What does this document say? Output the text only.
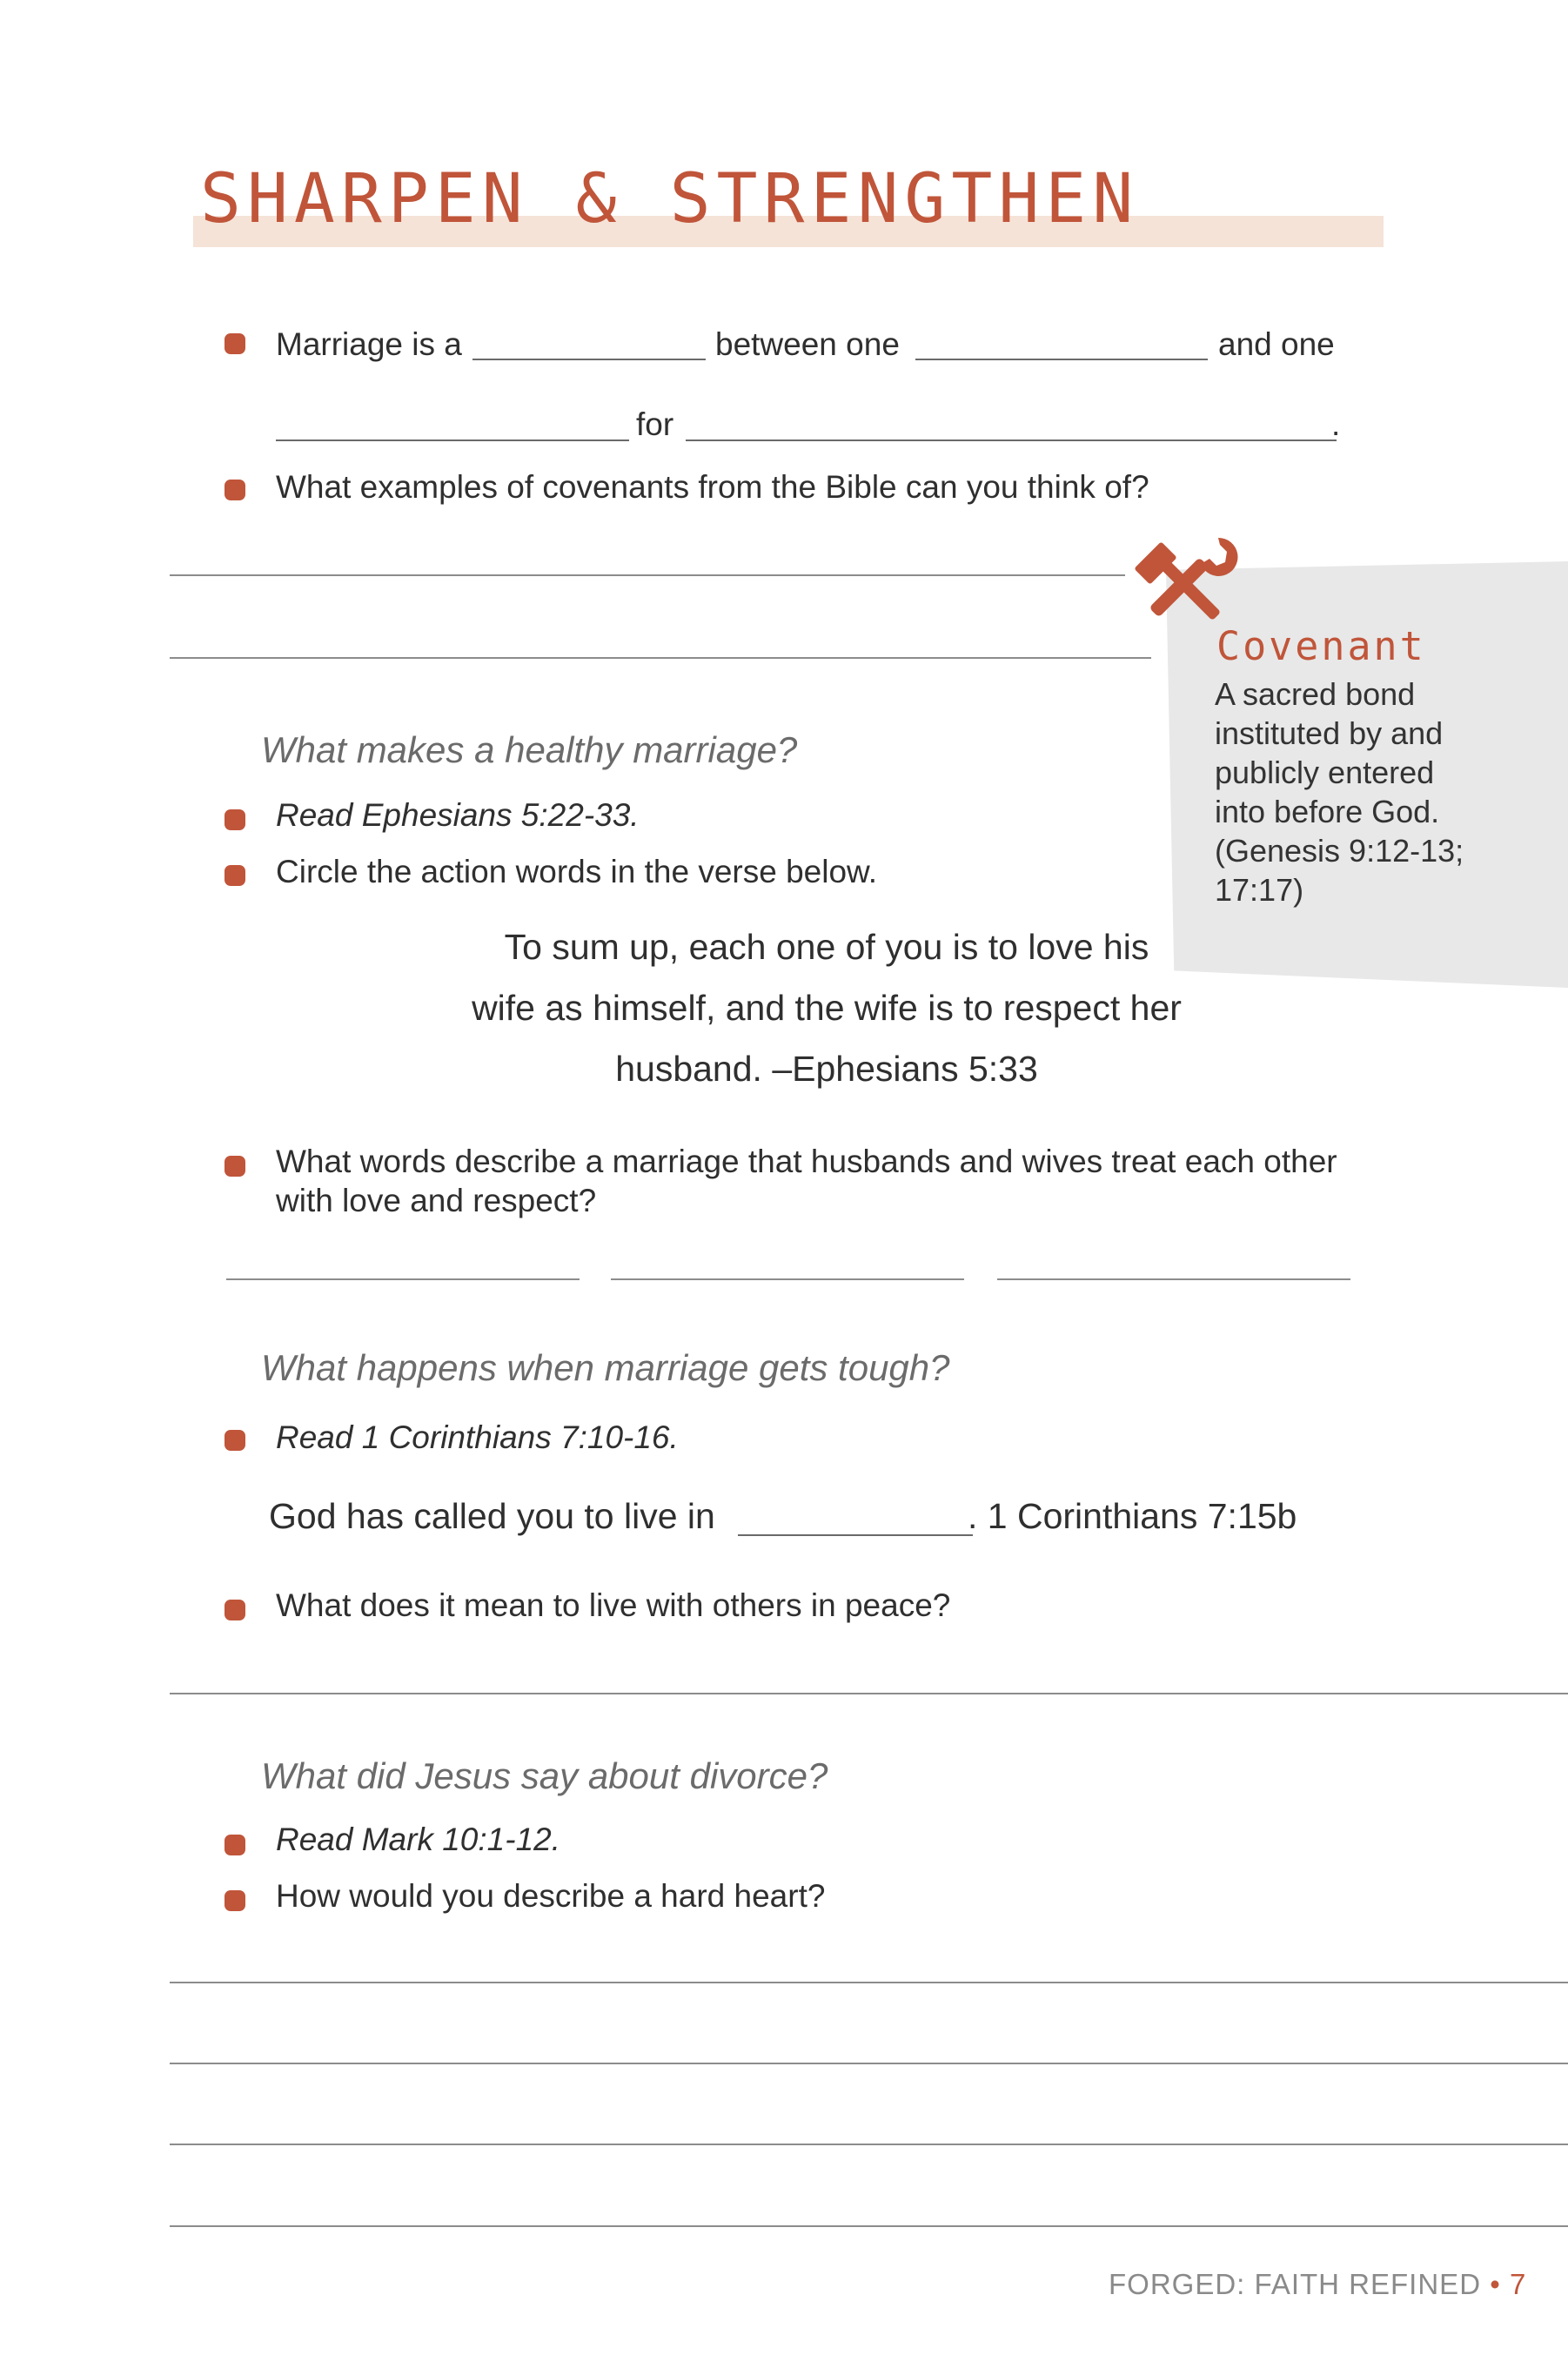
SHARPEN & STRENGTHEN
Marriage is a	between one	and one
for	.
What examples of covenants from the Bible can you think of?
Covenant
A sacred bond
instituted by and
publicly entered
into before God.
(Genesis 9:12-13;
17:17)
What makes a healthy marriage?
Read Ephesians 5:22-33.
Circle the action words in the verse below.
To sum up, each one of you is to love his
wife as himself, and the wife is to respect her
husband. –Ephesians 5:33
What words describe a marriage that husbands and wives treat each other
with love and respect?
What happens when marriage gets tough?
Read 1 Corinthians 7:10-16.
God has called you to live in	. 1 Corinthians 7:15b
What does it mean to live with others in peace?
What did Jesus say about divorce?
Read Mark 10:1-12.
How would you describe a hard heart?
FORGED: FAITH REFINED • 7
